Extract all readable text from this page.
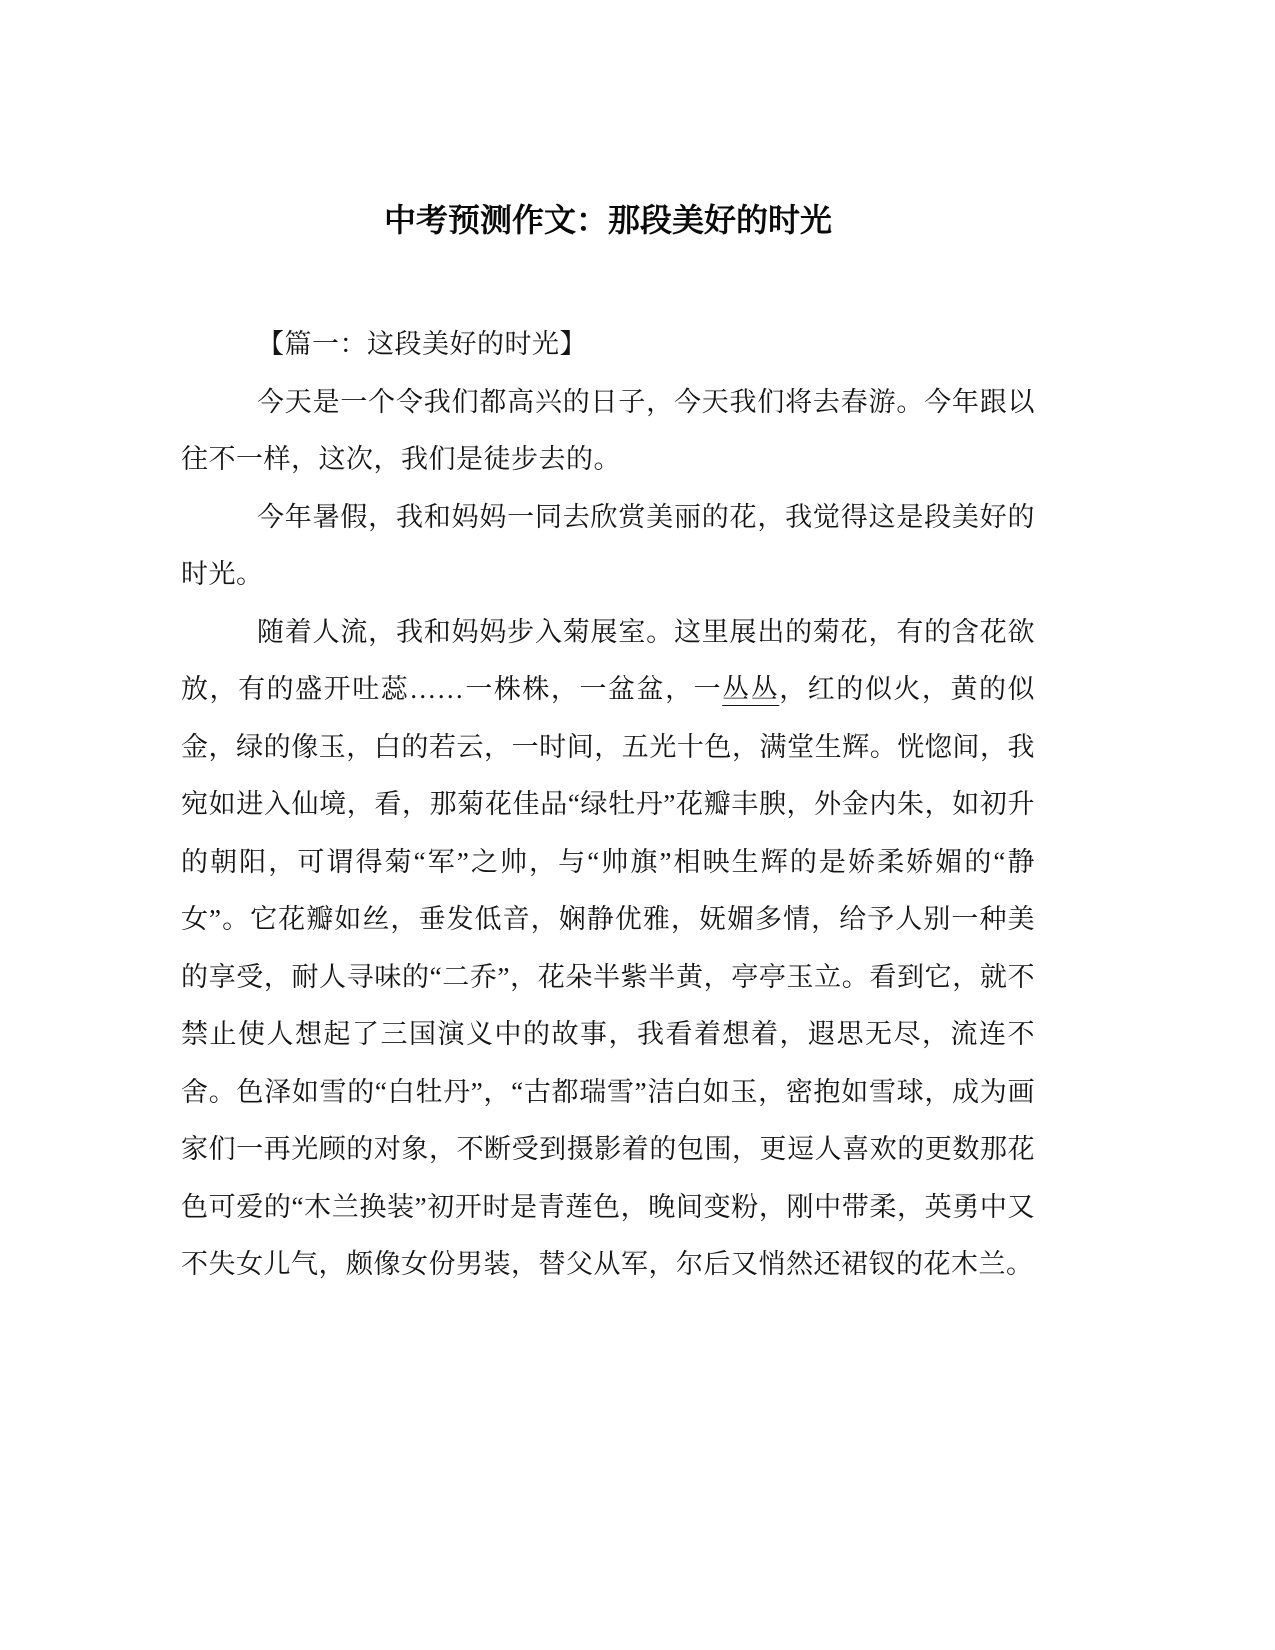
中考预测作文：那段美好的时光

【篇一：这段美好的时光】

今天是一个令我们都高兴的日子，今天我们将去春游。今年跟以往不一样，这次，我们是徒步去的。

今年暑假，我和妈妈一同去欣赏美丽的花，我觉得这是段美好的时光。

随着人流，我和妈妈步入菊展室。这里展出的菊花，有的含花欲放，有的盛开吐蕊……一株株，一盆盆，一丛丛，红的似火，黄的似金，绿的像玉，白的若云，一时间，五光十色，满堂生辉。恍惚间，我宛如进入仙境，看，那菊花佳品“绿牡丹”花瓣丰腴，外金内朱，如初升的朝阳，可谓得菊“军”之帅，与“帅旗”相映生辉的是娇柔娇媚的“静女”。它花瓣如丝，垂发低音，娴静优雅，妩媚多情，给予人别一种美的享受，耐人寻味的“二乔”，花朵半紫半黄，亭亭玉立。看到它，就不禁止使人想起了三国演义中的故事，我看着想着，遐思无尽，流连不舍。色泽如雪的“白牡丹”，“古都瑞雪”洁白如玉，密抱如雪球，成为画家们一再光顾的对象，不断受到摄影着的包围，更逗人喜欢的更数那花色可爱的“木兰换装”初开时是青莲色，晚间变粉，刚中带柔，英勇中又不失女儿气，颇像女份男装，替父从军，尔后又悄然还裙钗的花木兰。
